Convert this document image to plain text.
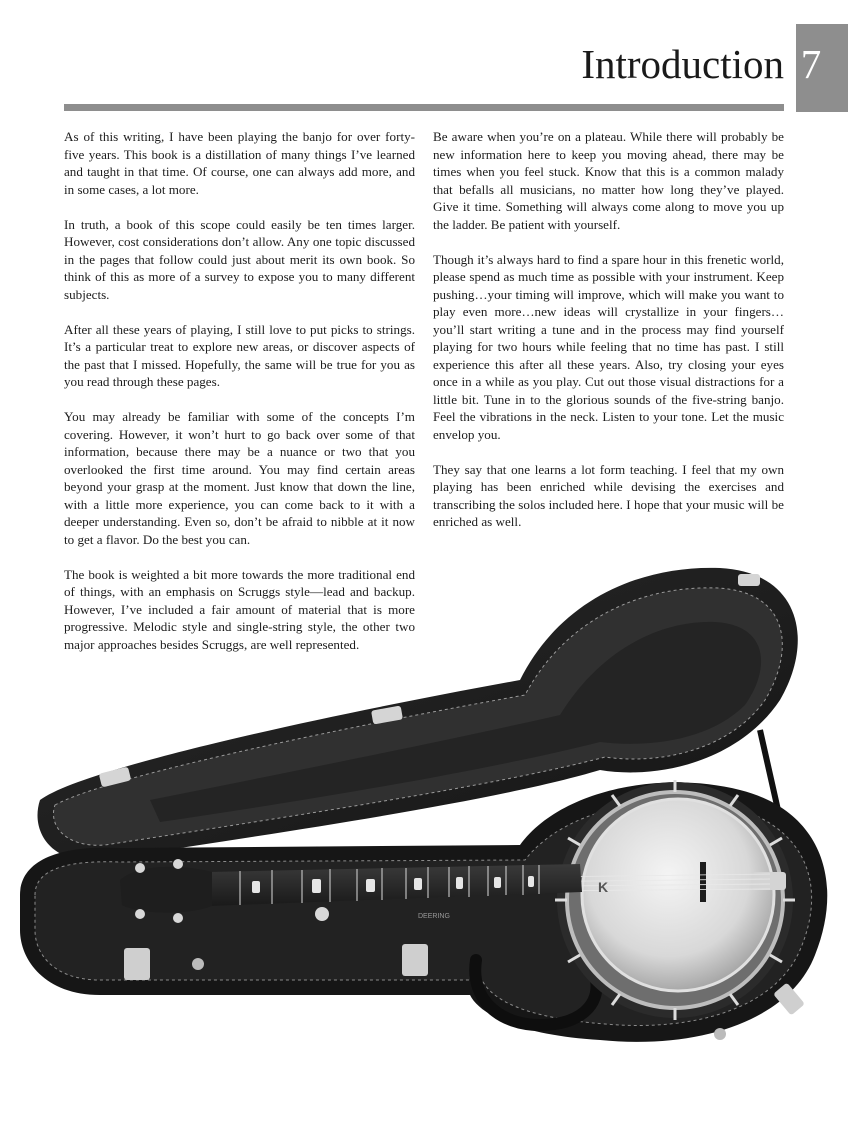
Introduction 7

As of this writing, I have been playing the banjo for over forty-five years. This book is a distillation of many things I’ve learned and taught in that time. Of course, one can always add more, and in some cases, a lot more.

In truth, a book of this scope could easily be ten times larger. However, cost considerations don’t allow. Any one topic discussed in the pages that follow could just about merit its own book. So think of this as more of a survey to expose you to many different subjects.

After all these years of playing, I still love to put picks to strings. It’s a particular treat to explore new areas, or discover aspects of the past that I missed. Hopefully, the same will be true for you as you read through these pages.

You may already be familiar with some of the concepts I’m covering. However, it won’t hurt to go back over some of that information, because there may be a nuance or two that you overlooked the first time around. You may find certain areas beyond your grasp at the moment. Just know that down the line, with a little more experience, you can come back to it with a deeper understanding. Even so, don’t be afraid to nibble at it now to get a flavor. Do the best you can.

The book is weighted a bit more towards the more traditional end of things, with an emphasis on Scruggs style—lead and backup. However, I’ve included a fair amount of material that is more progressive. Melodic style and single-string style, the other two major approaches besides Scruggs, are well represented.

Be aware when you’re on a plateau. While there will probably be new information here to keep you moving ahead, there may be times when you feel stuck. Know that this is a common malady that befalls all musicians, no matter how long they’ve played. Give it time. Something will always come along to move you up the ladder. Be patient with yourself.

Though it’s always hard to find a spare hour in this frenetic world, please spend as much time as possible with your instrument. Keep pushing…your timing will improve, which will make you want to play even more…new ideas will crystallize in your fingers…you’ll start writing a tune and in the process may find yourself playing for two hours while feeling that no time has past. I still experience this after all these years. Also, try closing your eyes once in a while as you play. Cut out those visual distractions for a little bit. Tune in to the glorious sounds of the five-string banjo. Feel the vibrations in the neck. Listen to your tone. Let the music envelop you.

They say that one learns a lot form teaching. I feel that my own playing has been enriched while devising the exercises and transcribing the solos included here. I hope that your music will be enriched as well.

K
DEERING
